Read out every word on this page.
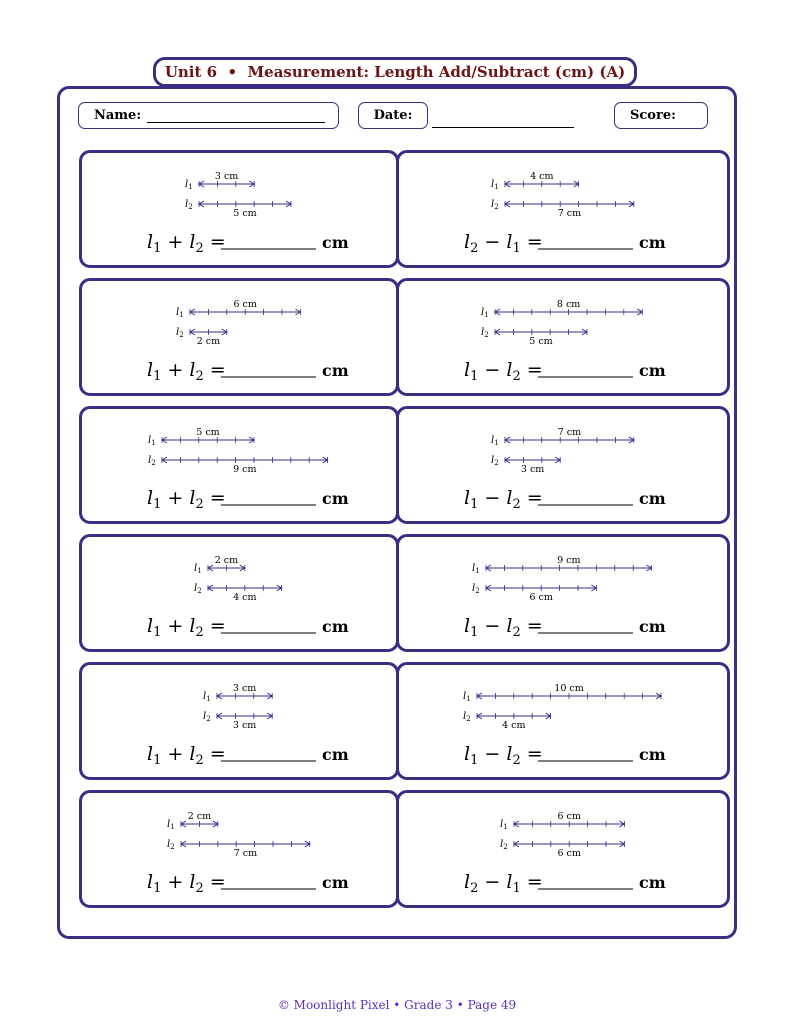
Unit 6  •  Measurement: Length Add/Subtract (cm) (A)
Name:	Date:	Score:
3 cm
$l_1$
5 cm
$l_2$
$l_1 + l_2$ =	cm
4 cm
$l_1$
7 cm
$l_2$
$l_2 - l_1$ =	cm
6 cm
$l_1$
2 cm
$l_2$
$l_1 + l_2$ =	cm
8 cm
$l_1$
5 cm
$l_2$
$l_1 - l_2$ =	cm
5 cm
$l_1$
9 cm
$l_2$
$l_1 + l_2$ =	cm
7 cm
$l_1$
3 cm
$l_2$
$l_1 - l_2$ =	cm
2 cm
$l_1$
4 cm
$l_2$
$l_1 + l_2$ =	cm
9 cm
$l_1$
6 cm
$l_2$
$l_1 - l_2$ =	cm
3 cm
$l_1$
3 cm
$l_2$
$l_1 + l_2$ =	cm
10 cm
$l_1$
4 cm
$l_2$
$l_1 - l_2$ =	cm
2 cm
$l_1$
7 cm
$l_2$
$l_1 + l_2$ =	cm
6 cm
$l_1$
6 cm
$l_2$
$l_2 - l_1$ =	cm
© Moonlight Pixel • Grade 3 • Page 49
